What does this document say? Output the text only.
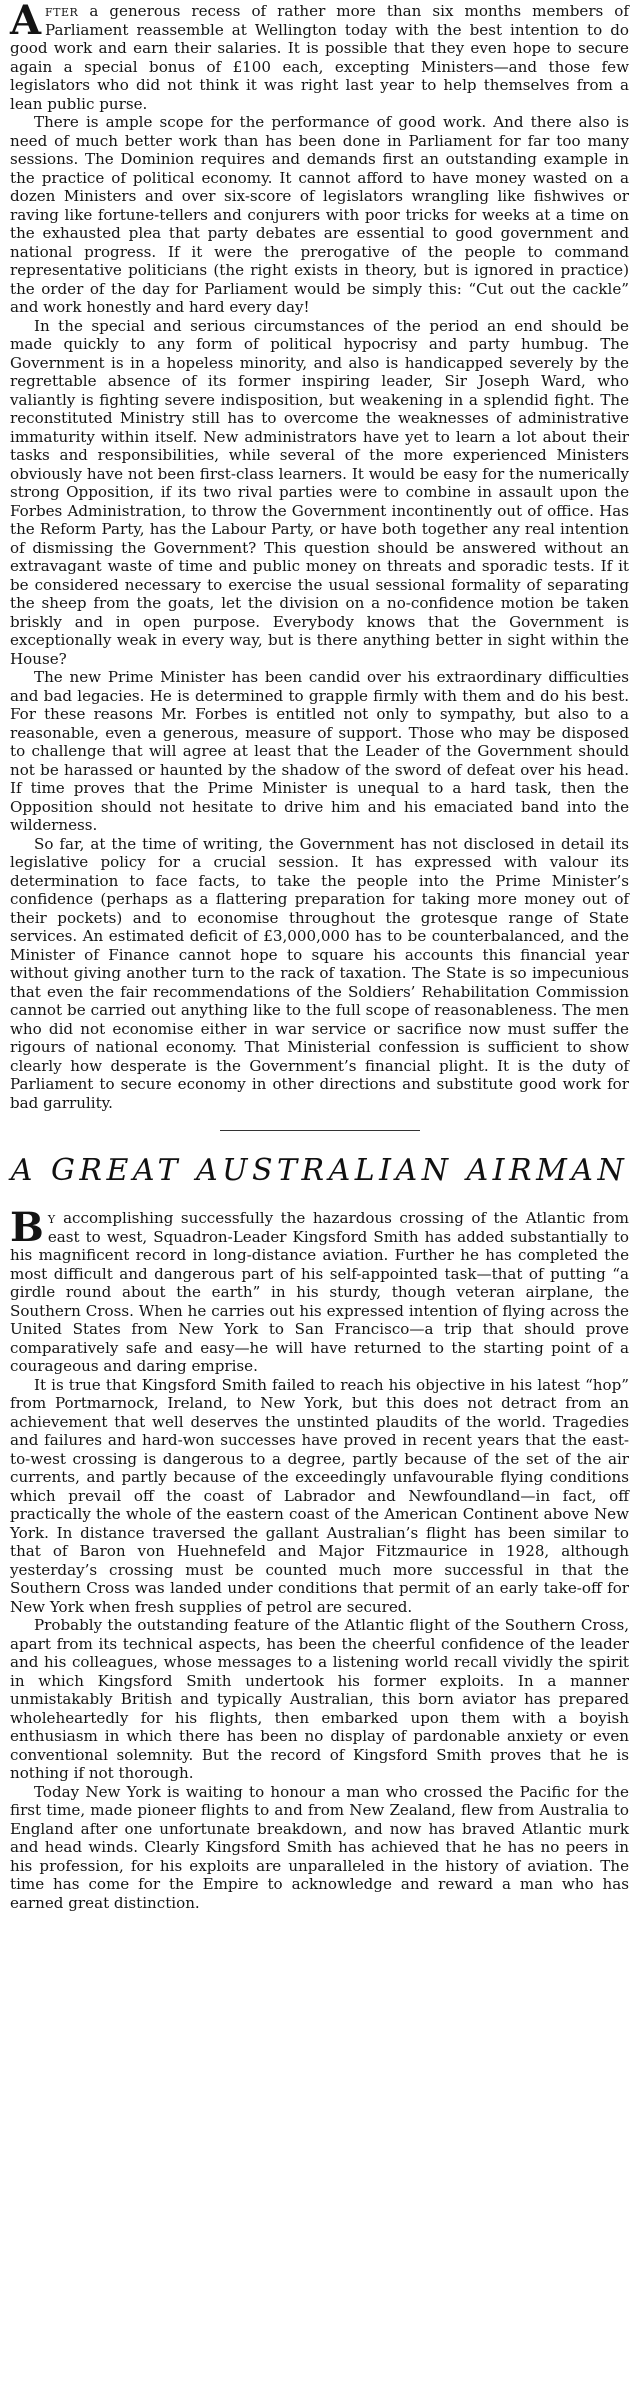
After a generous recess of rather more than six months members of Parliament reassemble at Wellington today with the best intention to do good work and earn their salaries. It is possible that they even hope to secure again a special bonus of £100 each, excepting Ministers—and those few legislators who did not think it was right last year to help themselves from a lean public purse.

There is ample scope for the performance of good work. And there also is need of much better work than has been done in Parliament for far too many sessions. The Dominion requires and demands first an outstanding example in the practice of political economy. It cannot afford to have money wasted on a dozen Ministers and over six-score of legislators wrangling like fishwives or raving like fortune-tellers and conjurers with poor tricks for weeks at a time on the exhausted plea that party debates are essential to good government and national progress. If it were the prerogative of the people to command representative politicians (the right exists in theory, but is ignored in practice) the order of the day for Parliament would be simply this: “Cut out the cackle” and work honestly and hard every day!

In the special and serious circumstances of the period an end should be made quickly to any form of political hypocrisy and party humbug. The Government is in a hopeless minority, and also is handicapped severely by the regrettable absence of its former inspiring leader, Sir Joseph Ward, who valiantly is fighting severe indisposition, but weakening in a splendid fight. The reconstituted Ministry still has to overcome the weaknesses of administrative immaturity within itself. New administrators have yet to learn a lot about their tasks and responsibilities, while several of the more experienced Ministers obviously have not been first-class learners. It would be easy for the numerically strong Opposition, if its two rival parties were to combine in assault upon the Forbes Administration, to throw the Government incontinently out of office. Has the Reform Party, has the Labour Party, or have both together any real intention of dismissing the Government? This question should be answered without an extravagant waste of time and public money on threats and sporadic tests. If it be considered necessary to exercise the usual sessional formality of separating the sheep from the goats, let the division on a no-confidence motion be taken briskly and in open purpose. Everybody knows that the Government is exceptionally weak in every way, but is there anything better in sight within the House?

The new Prime Minister has been candid over his extraordinary difficulties and bad legacies. He is determined to grapple firmly with them and do his best. For these reasons Mr. Forbes is entitled not only to sympathy, but also to a reasonable, even a generous, measure of support. Those who may be disposed to challenge that will agree at least that the Leader of the Government should not be harassed or haunted by the shadow of the sword of defeat over his head. If time proves that the Prime Minister is unequal to a hard task, then the Opposition should not hesitate to drive him and his emaciated band into the wilderness.

So far, at the time of writing, the Government has not disclosed in detail its legislative policy for a crucial session. It has expressed with valour its determination to face facts, to take the people into the Prime Minister’s confidence (perhaps as a flattering preparation for taking more money out of their pockets) and to economise throughout the grotesque range of State services. An estimated deficit of £3,000,000 has to be counterbalanced, and the Minister of Finance cannot hope to square his accounts this financial year without giving another turn to the rack of taxation. The State is so impecunious that even the fair recommendations of the Soldiers’ Rehabilitation Commission cannot be carried out anything like to the full scope of reasonableness. The men who did not economise either in war service or sacrifice now must suffer the rigours of national economy. That Ministerial confession is sufficient to show clearly how desperate is the Government’s financial plight. It is the duty of Parliament to secure economy in other directions and substitute good work for bad garrulity.

A GREAT AUSTRALIAN AIRMAN

By accomplishing successfully the hazardous crossing of the Atlantic from east to west, Squadron-Leader Kingsford Smith has added substantially to his magnificent record in long-distance aviation. Further he has completed the most difficult and dangerous part of his self-appointed task—that of putting “a girdle round about the earth” in his sturdy, though veteran airplane, the Southern Cross. When he carries out his expressed intention of flying across the United States from New York to San Francisco—a trip that should prove comparatively safe and easy—he will have returned to the starting point of a courageous and daring emprise.

It is true that Kingsford Smith failed to reach his objective in his latest “hop” from Portmarnock, Ireland, to New York, but this does not detract from an achievement that well deserves the unstinted plaudits of the world. Tragedies and failures and hard-won successes have proved in recent years that the east-to-west crossing is dangerous to a degree, partly because of the set of the air currents, and partly because of the exceedingly unfavourable flying conditions which prevail off the coast of Labrador and Newfoundland—in fact, off practically the whole of the eastern coast of the American Continent above New York. In distance traversed the gallant Australian’s flight has been similar to that of Baron von Huehnefeld and Major Fitzmaurice in 1928, although yesterday’s crossing must be counted much more successful in that the Southern Cross was landed under conditions that permit of an early take-off for New York when fresh supplies of petrol are secured.

Probably the outstanding feature of the Atlantic flight of the Southern Cross, apart from its technical aspects, has been the cheerful confidence of the leader and his colleagues, whose messages to a listening world recall vividly the spirit in which Kingsford Smith undertook his former exploits. In a manner unmistakably British and typically Australian, this born aviator has prepared wholeheartedly for his flights, then embarked upon them with a boyish enthusiasm in which there has been no display of pardonable anxiety or even conventional solemnity. But the record of Kingsford Smith proves that he is nothing if not thorough.

Today New York is waiting to honour a man who crossed the Pacific for the first time, made pioneer flights to and from New Zealand, flew from Australia to England after one unfortunate breakdown, and now has braved Atlantic murk and head winds. Clearly Kingsford Smith has achieved that he has no peers in his profession, for his exploits are unparalleled in the history of aviation. The time has come for the Empire to acknowledge and reward a man who has earned great distinction.
